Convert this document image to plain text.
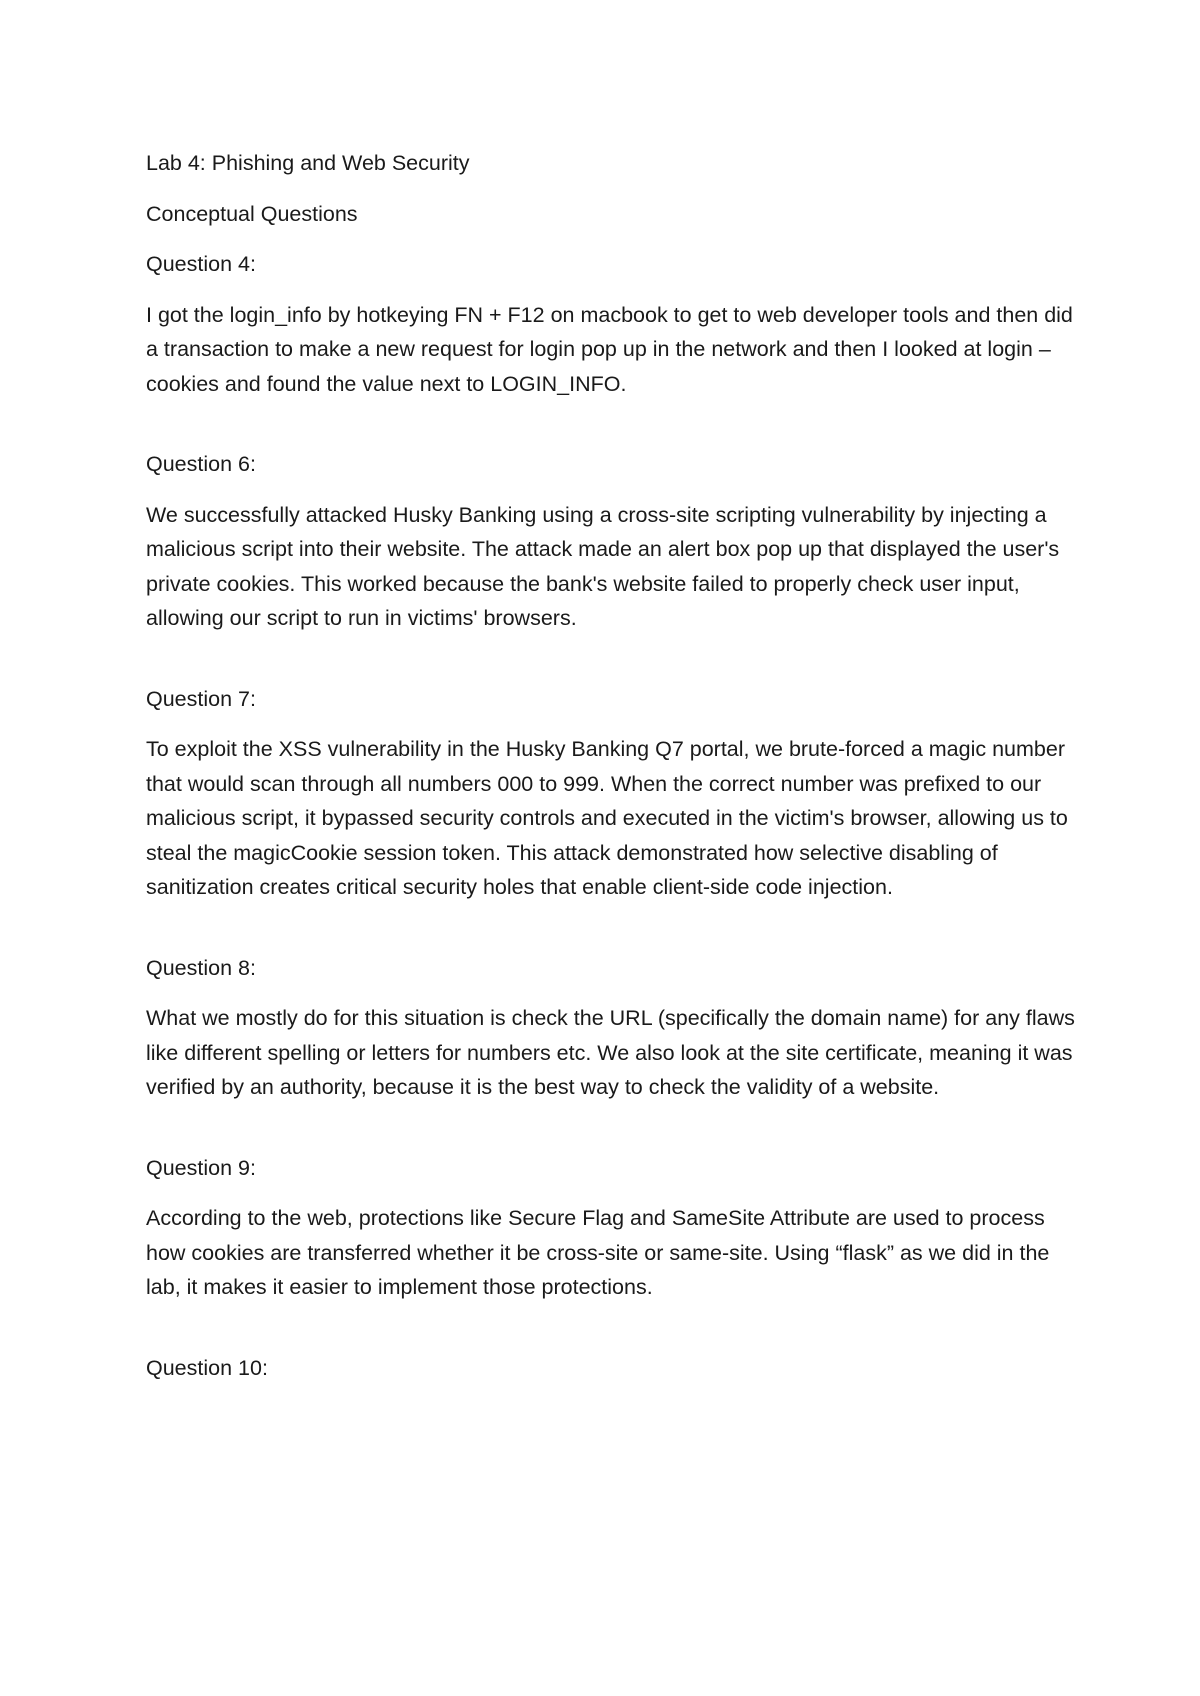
Lab 4: Phishing and Web Security

Conceptual Questions

Question 4:

I got the login_info by hotkeying FN + F12 on macbook to get to web developer tools and then did a transaction to make a new request for login pop up in the network and then I looked at login – cookies and found the value next to LOGIN_INFO.

Question 6:

We successfully attacked Husky Banking using a cross-site scripting vulnerability by injecting a malicious script into their website. The attack made an alert box pop up that displayed the user's private cookies. This worked because the bank's website failed to properly check user input, allowing our script to run in victims' browsers.

Question 7:

To exploit the XSS vulnerability in the Husky Banking Q7 portal, we brute-forced a magic number that would scan through all numbers 000 to 999. When the correct number was prefixed to our malicious script, it bypassed security controls and executed in the victim's browser, allowing us to steal the magicCookie session token. This attack demonstrated how selective disabling of sanitization creates critical security holes that enable client-side code injection.

Question 8:

What we mostly do for this situation is check the URL (specifically the domain name) for any flaws like different spelling or letters for numbers etc. We also look at the site certificate, meaning it was verified by an authority, because it is the best way to check the validity of a website.

Question 9:

According to the web, protections like Secure Flag and SameSite Attribute are used to process how cookies are transferred whether it be cross-site or same-site. Using “flask” as we did in the lab, it makes it easier to implement those protections.

Question 10:
